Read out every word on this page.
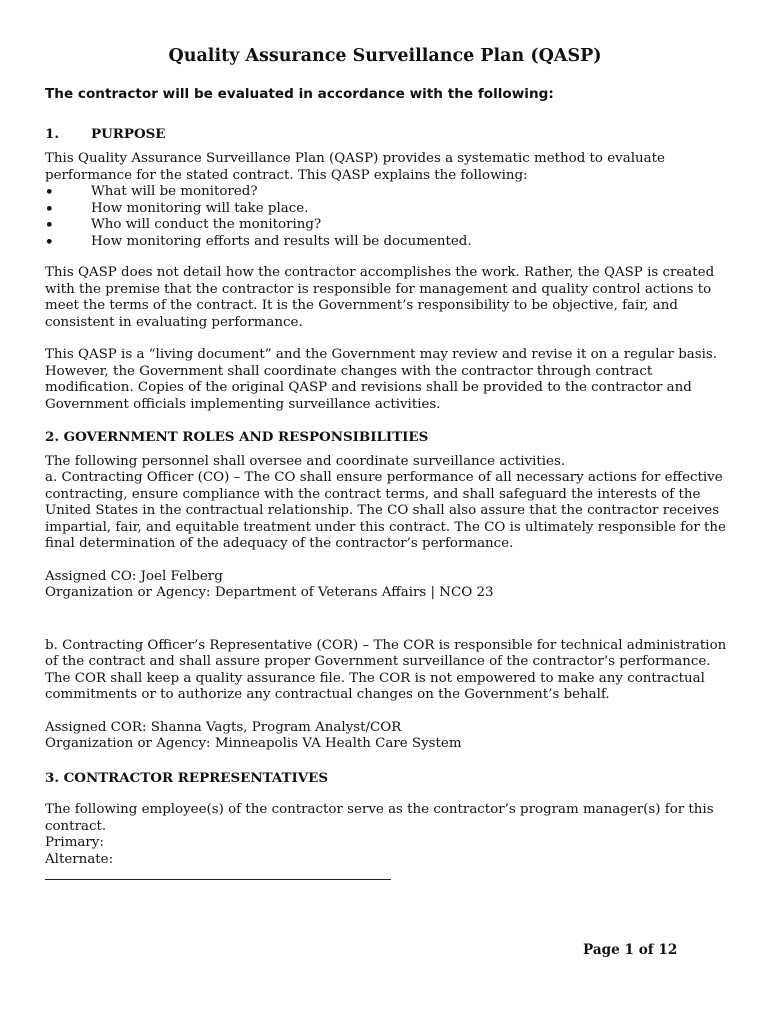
Quality Assurance Surveillance Plan (QASP)

The contractor will be evaluated in accordance with the following:

1. PURPOSE

This Quality Assurance Surveillance Plan (QASP) provides a systematic method to evaluate performance for the stated contract. This QASP explains the following:

• What will be monitored?
• How monitoring will take place.
• Who will conduct the monitoring?
• How monitoring efforts and results will be documented.

This QASP does not detail how the contractor accomplishes the work. Rather, the QASP is created with the premise that the contractor is responsible for management and quality control actions to meet the terms of the contract. It is the Government’s responsibility to be objective, fair, and consistent in evaluating performance.

This QASP is a “living document” and the Government may review and revise it on a regular basis. However, the Government shall coordinate changes with the contractor through contract modification. Copies of the original QASP and revisions shall be provided to the contractor and Government officials implementing surveillance activities.

2. GOVERNMENT ROLES AND RESPONSIBILITIES

The following personnel shall oversee and coordinate surveillance activities.

a. Contracting Officer (CO) – The CO shall ensure performance of all necessary actions for effective contracting, ensure compliance with the contract terms, and shall safeguard the interests of the United States in the contractual relationship. The CO shall also assure that the contractor receives impartial, fair, and equitable treatment under this contract. The CO is ultimately responsible for the final determination of the adequacy of the contractor’s performance.

Assigned CO: Joel Felberg

Organization or Agency: Department of Veterans Affairs | NCO 23

b. Contracting Officer’s Representative (COR) – The COR is responsible for technical administration of the contract and shall assure proper Government surveillance of the contractor’s performance. The COR shall keep a quality assurance file. The COR is not empowered to make any contractual commitments or to authorize any contractual changes on the Government’s behalf.

Assigned COR: Shanna Vagts, Program Analyst/COR

Organization or Agency: Minneapolis VA Health Care System

3. CONTRACTOR REPRESENTATIVES

The following employee(s) of the contractor serve as the contractor’s program manager(s) for this contract.

Primary:

Alternate:

Page 1 of 12
